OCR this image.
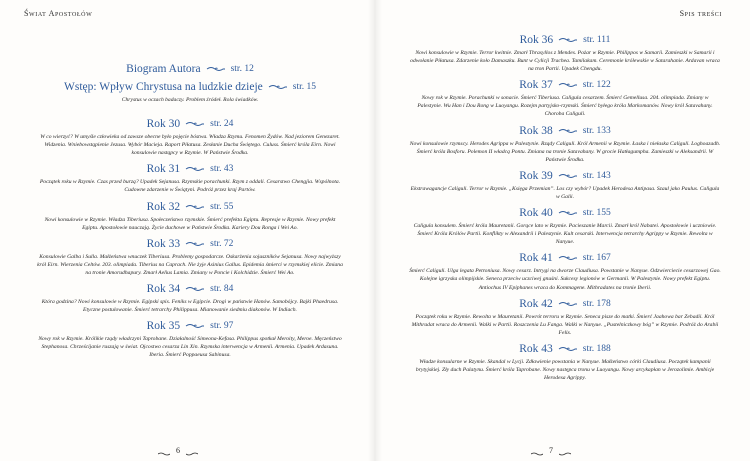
Świat Apostołów
Biogram Autora	str. 12
Wstęp: Wpływ Chrystusa na ludzkie dzieje	str. 15
Chrystus w oczach badaczy. Problem źródeł. Rola świadków.
Rok 30	str. 24
W co wierzyć? W umyśle człowieka od zawsze obecne było pojęcie bóstwa. Władza Rzymu. Fenomen Żydów. Nad jeziorem Genezaret. Widzenia. Wniebowstąpienie Jezusa. Wybór Macieja. Raport Piłatusa. Zesłanie Ducha Świętego. Culuss. Śmierć króla Eirn. Nowi konsulowie nastąpcy w Rzymie. W Państwie Środka.
Rok 31	str. 43
Początek roku w Rzymie. Czas przed burzą? Upadek Sejanusa. Rzymskie porachunki. Rzym z oddali. Cesarstwo Chengjia. Wspólnota. Cudowne zdarzenie w Świątyni. Podróż przez kraj Partów.
Rok 32	str. 55
Nowi konsulowie w Rzymie. Władza Tiberiusa. Społeczeństwo rzymskie. Śmierć prefekta Egiptu. Represje w Rzymie. Nowy prefekt Egiptu. Apostołowie nauczają. Życie duchowe w Państwie Środka. Kariery Dou Ronga i Wei Ao.
Rok 33	str. 72
Konsulowie Galba i Sulla. Małżeństwa wnuczek Tiberiusa. Problemy gospodarcze. Oskarżenia sojuszników Sejanusa. Nowy najwyższy król Eirn. Wierzenia Celtów. 203. olimpiada. Tiberius na Caprach. Nie żyje Asinius Gallus. Epidemia śmierci w rzymskiej elicie. Zmiana na tronie Amorudhapury. Zmarł Aelius Lamia. Zmiany w Poncie i Kolchidzie. Śmierć Wei Ao.
Rok 34	str. 84
Która godzina? Nowi konsulowie w Rzymie. Egipski spis. Feniks w Egipcie. Drogi w państwie Hanów. Samobójcy. Bajki Phaedrusa. Etyczne postulowanie. Śmierć tetrarchy Philippusa. Mianowanie siedmiu diakonów. W Indiach.
Rok 35	str. 97
Nowy rok w Rzymie. Królikie rządy władczyni Taprobane. Działalność Simeona-Kefasa. Philippus spotkał Meroity, Meroe. Męczeństwo Stephanosa. Chrześcijanie ruszają w świat. Ojcostwo cesarza Lin Xin. Rzymska interwencja w Armenii. Armenia. Upadek Ardasuna. Iberia. Śmierć Poppaeusa Sabinusa.
6
Spis treści
Rok 36	str. 111
Nowi konsulowie w Rzymie. Terror kwitnie. Zmarł Thrasyllos z Mendes. Pożar w Rzymie. Philippos w Samarii. Zamieszki w Samarii i odwołanie Piłatusa. Zdarzenie koło Damaszku. Bunt w Cylicji Trachea. Tamilakam. Ceremonie królewskie w Satarahanie. Ardavan wraca na tron Partii. Upadek Chengdu.
Rok 37	str. 122
Nowy rok w Rzymie. Porachunki w sonacie. Śmierć Tiberiusa. Caligula cesarzem. Śmierć Gemellusa. 204. olimpiada. Zmiany w Palestynie. Wu Han i Dou Rong w Luoyangu. Rozejm partyjsko-rzymski. Śmierć byłego króla Markomanów. Nowy król Satavahany. Choroba Caliguli.
Rok 38	str. 133
Nowi konsulowie rzymscy. Herodes Agrippa w Palestynie. Rządy Caliguli. Król Armenii w Rzymie. Łaska i niełaska Caliguli. Loghoazadh. Śmierć króla Bosforu. Polemon II władcą Pontu. Zmiana na tronie Satavahany. W grocie Hatłagumpha. Zamieszki w Aleksandrii. W Państwie Środka.
Rok 39	str. 143
Ekstrawagancje Caliguli. Terror w Rzymie. „Księga Przemian”. Los czy wybór? Upadek Herodesa Antipasa. Szaul jako Paulus. Caligula w Galii.
Rok 40	str. 155
Caligula konsulem. Śmierć króla Mauretanii. Gorące lato w Rzymie. Pacieszanie Marcii. Zmarł król Nabatei. Apostołowie i uczniowie. Śmierć Króla Królów Partii. Konflikty w Alexandrii i Palestynie. Kult cesarski. Interwencja tetrarchy Agrippy w Rzymie. Rewolta w Nanyue.
Rok 41	str. 167
Śmierć Caliguli. Ulga legata Petroniusa. Nowy cesarz. Intrygi na dworze Claudiusa. Powstanie w Nanyue. Odzwierciecie cesarzowej Gao. Kolejne igrzyska olimpijskie. Seneca przeciw uczciwej gnuśni. Sukcesy legionów w Germanii. W Palestynie. Nowy prefekt Egiptu. Antiochus IV Epiphanes wraca do Kommagene. Mithradates na tronie Iberii.
Rok 42	str. 178
Początek roku w Rzymie. Rewolta w Mauretanii. Powrót terroru w Rzymie. Seneca pisze do matki. Śmierć Jaahowa bar Zebadii. Król Mithradat wraca do Armenii. Walki w Partii. Roszczenia Lu Fanga. Walki w Nanyue. „Pustelniczkowy bóg” w Rzymie. Podróż do Arabii Felix.
Rok 43	str. 188
Władze konsularne w Rzymie. Skandal w Lycji. Zdławienie powstania w Nanyue. Małżeństwo córki Claudiusa. Początek kampanii brytyjskiej. Zły duch Palatynu. Śmierć króla Taprobane. Nowy następca tronu w Luoyangu. Nowy arcykapłan w Jerozolimie. Ambicje Herodesa Agrippy.
7
